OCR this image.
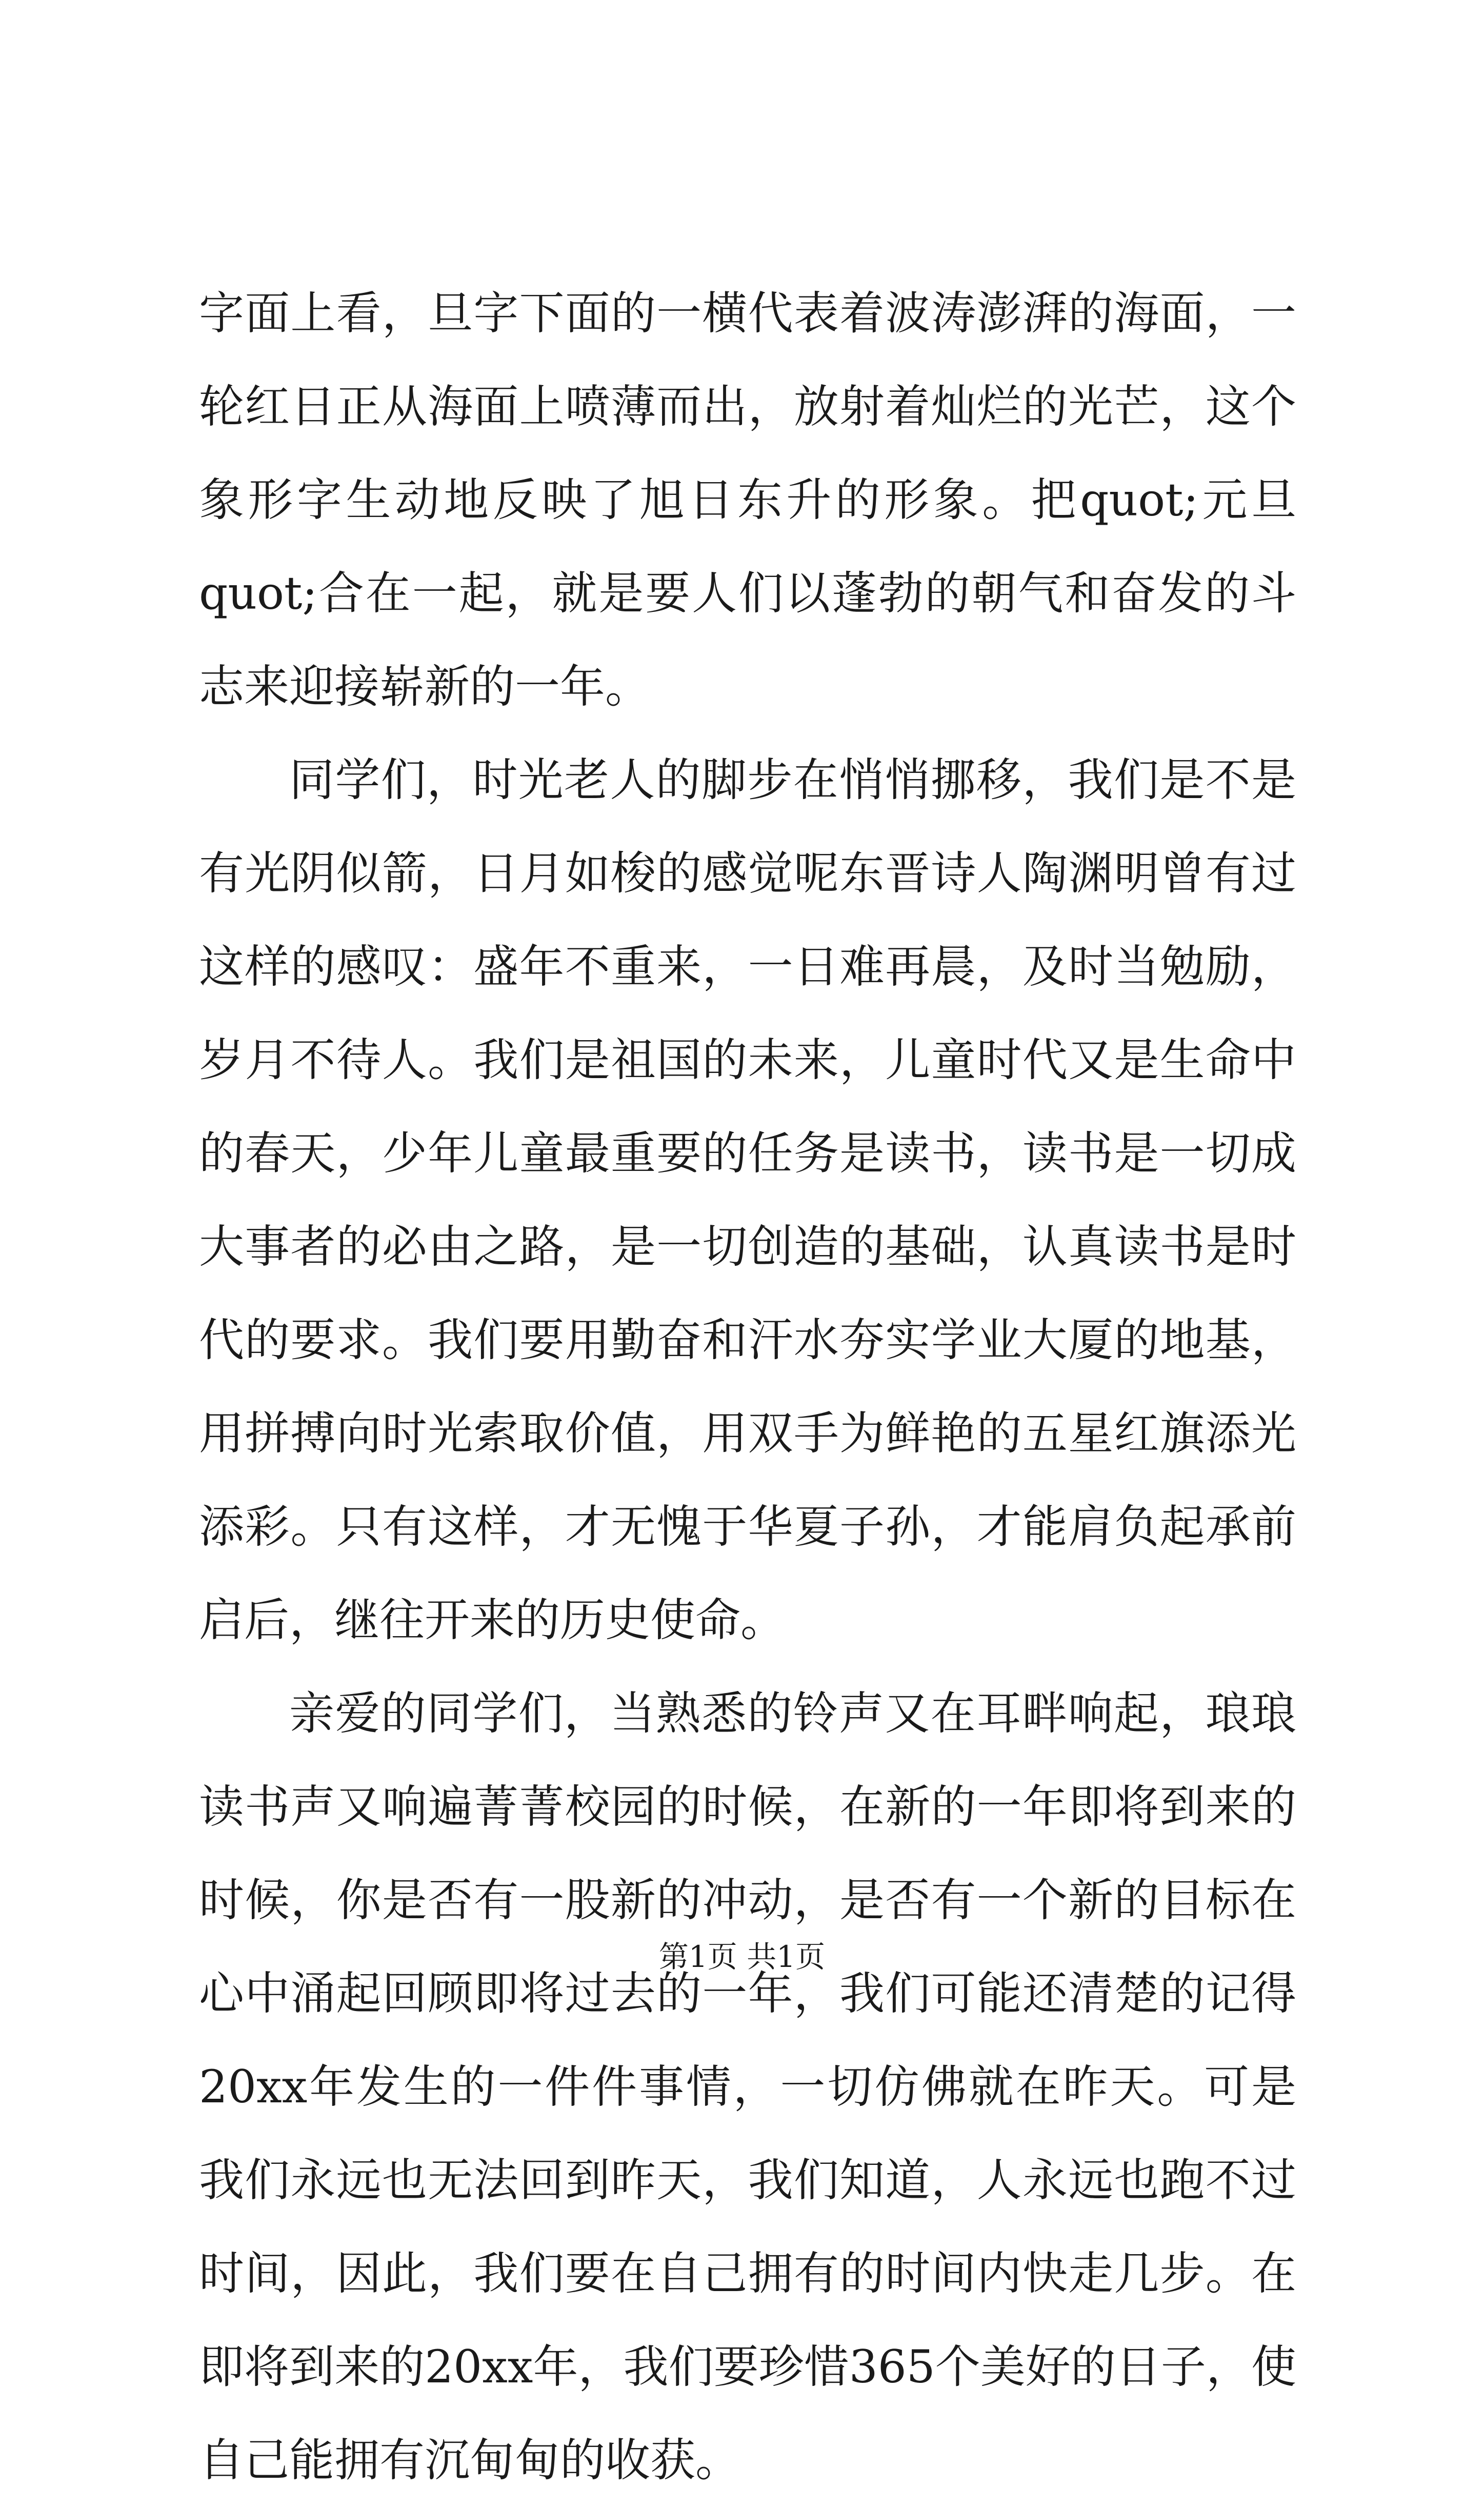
字面上看，旦字下面的一横代表着波涛澎湃的海面，一轮红日正从海面上喷薄而出，放射着灿烂的光芒，这个象形字生动地反映了旭日东升的形象。把quot;元旦quot;合在一起，就是要人们以蓬勃的朝气和奋发的斗志来迎接崭新的一年。

同学们，时光老人的脚步在悄悄挪移，我们是不是有光阴似箭，日月如梭的感觉呢东晋诗人陶渊明曾有过这样的感叹：盛年不重来，一日难再晨，及时当勉励，岁月不待人。我们是祖国的未来，儿童时代又是生命中的春天，少年儿童最重要的任务是读书，读书是一切成大事者的必由之路，是一切创造的基础，认真读书是时代的要求。我们要用勤奋和汗水夯实学业大厦的地基，用拼搏向时光索取价值，用双手为鲜艳的五星红旗添光添彩。只有这样，才无愧于华夏子孙，才能肩负起承前启后，继往开来的历史使命。

亲爱的同学们，当熟悉的铃声又在耳畔响起，琅琅读书声又响遍菁菁校园的时候，在新的一年即将到来的时候，你是否有一股新的冲动，是否有一个新的目标在心中涌起回顾即将过去的一年，我们可能还清楚的记得20xx年发生的一件件事情，一切仿佛就在昨天。可是我们永远也无法回到昨天，我们知道，人永远也跑不过时间，因此，我们要在自己拥有的时间内快走几步。在即将到来的20xx年，我们要珍惜365个美好的日子，使自己能拥有沉甸甸的收获。

第1页 共1页
